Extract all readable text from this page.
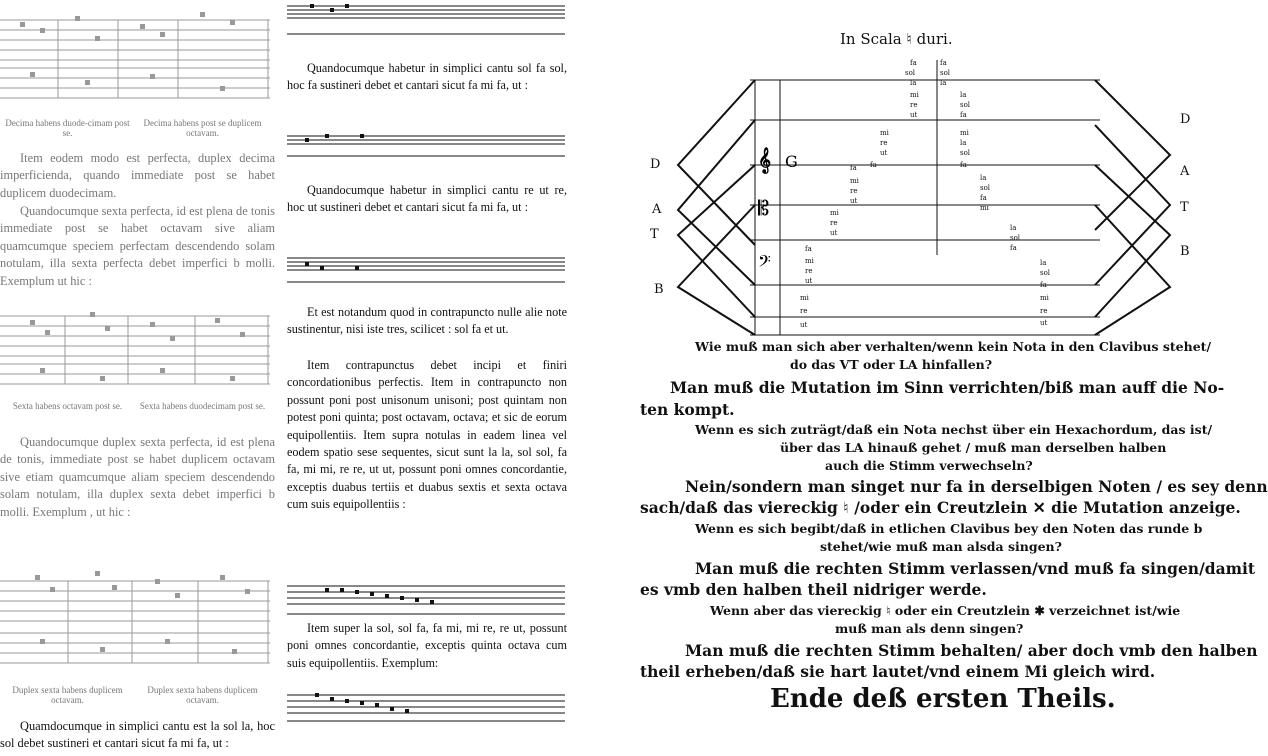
Decima habens duode-cimam post se.
Decima habens post se duplicem octavam.
Item eodem modo est perfecta, duplex decima imperficienda, quando immediate post se habet duplicem duodecimam.
Quandocumque sexta perfecta, id est plena de tonis immediate post se habet octavam sive aliam quamcumque speciem perfectam descendendo solam notulam, illa sexta perfecta debet imperfici b molli. Exemplum ut hic :
Sexta habens octavam post se.	Sexta habens duodecimam post se.
Quandocumque duplex sexta perfecta, id est plena de tonis, immediate post se habet duplicem octavam sive etiam quamcumque aliam speciem descendendo solam notulam, illa duplex sexta debet imperfici b molli. Exemplum , ut hic :
Duplex sexta habens duplicem octavam.
Duplex sexta habens duplicem octavam.
Quamdocumque in simplici cantu est la sol la, hoc sol debet sustineri et cantari sicut fa mi fa, ut :
Quandocumque habetur in simplici cantu sol fa sol, hoc fa sustineri debet et cantari sicut fa mi fa, ut :
Quandocumque habetur in simplici cantu re ut re, hoc ut sustineri debet et cantari sicut fa mi fa, ut :
Et est notandum quod in contrapuncto nulle alie note sustinentur, nisi iste tres, scilicet : sol fa et ut.
Item contrapunctus debet incipi et finiri concordationibus perfectis. Item in contrapuncto non possunt poni post unisonum unisoni; post quintam non potest poni quinta; post octavam, octava; et sic de eorum equipollentiis. Item supra notulas in eadem linea vel eodem spatio sese sequentes, sicut sunt la la, sol sol, fa fa, mi mi, re re, ut ut, possunt poni omnes concordantie, exceptis duabus tertiis et duabus sextis et sexta octava cum suis equipollentiis :
Item super la sol, sol fa, fa mi, mi re, re ut, possunt poni omnes concordantie, exceptis quinta octava cum suis equipollentiis. Exemplum:
In Scala ♮ duri.
D
A
T
B
D
A
T
B
𝄞 G
𝄡
𝄢
fa	fa
sol	sol
la	la
mi	la
re	sol
ut	fa
mi	mi
re	la
ut	sol
fa	fa
fa
la
mi
sol
re
fa
ut
mi
mi
la
re
sol
ut
fa
fa
la
mi
sol
re
fa
ut
mi
mi
re
re
ut
ut
Wie muß man sich aber verhalten/wenn kein Nota in den Clavibus stehet/
do das VT oder LA hinfallen?
Man muß die Mutation im Sinn verrichten/biß man auff die No-
ten kompt.
Wenn es sich zuträgt/daß ein Nota nechst über ein Hexachordum, das ist/
über das LA hinauß gehet / muß man derselben halben
auch die Stimm verwechseln?
Nein/sondern man singet nur fa in derselbigen Noten / es sey denn
sach/daß das viereckig ♮ /oder ein Creutzlein ✕ die Mutation anzeige.
Wenn es sich begibt/daß in etlichen Clavibus bey den Noten das runde b
stehet/wie muß man alsda singen?
Man muß die rechten Stimm verlassen/vnd muß fa singen/damit
es vmb den halben theil nidriger werde.
Wenn aber das viereckig ♮ oder ein Creutzlein ✱ verzeichnet ist/wie
muß man als denn singen?
Man muß die rechten Stimm behalten/ aber doch vmb den halben
theil erheben/daß sie hart lautet/vnd einem Mi gleich wird.
Ende deß ersten Theils.
